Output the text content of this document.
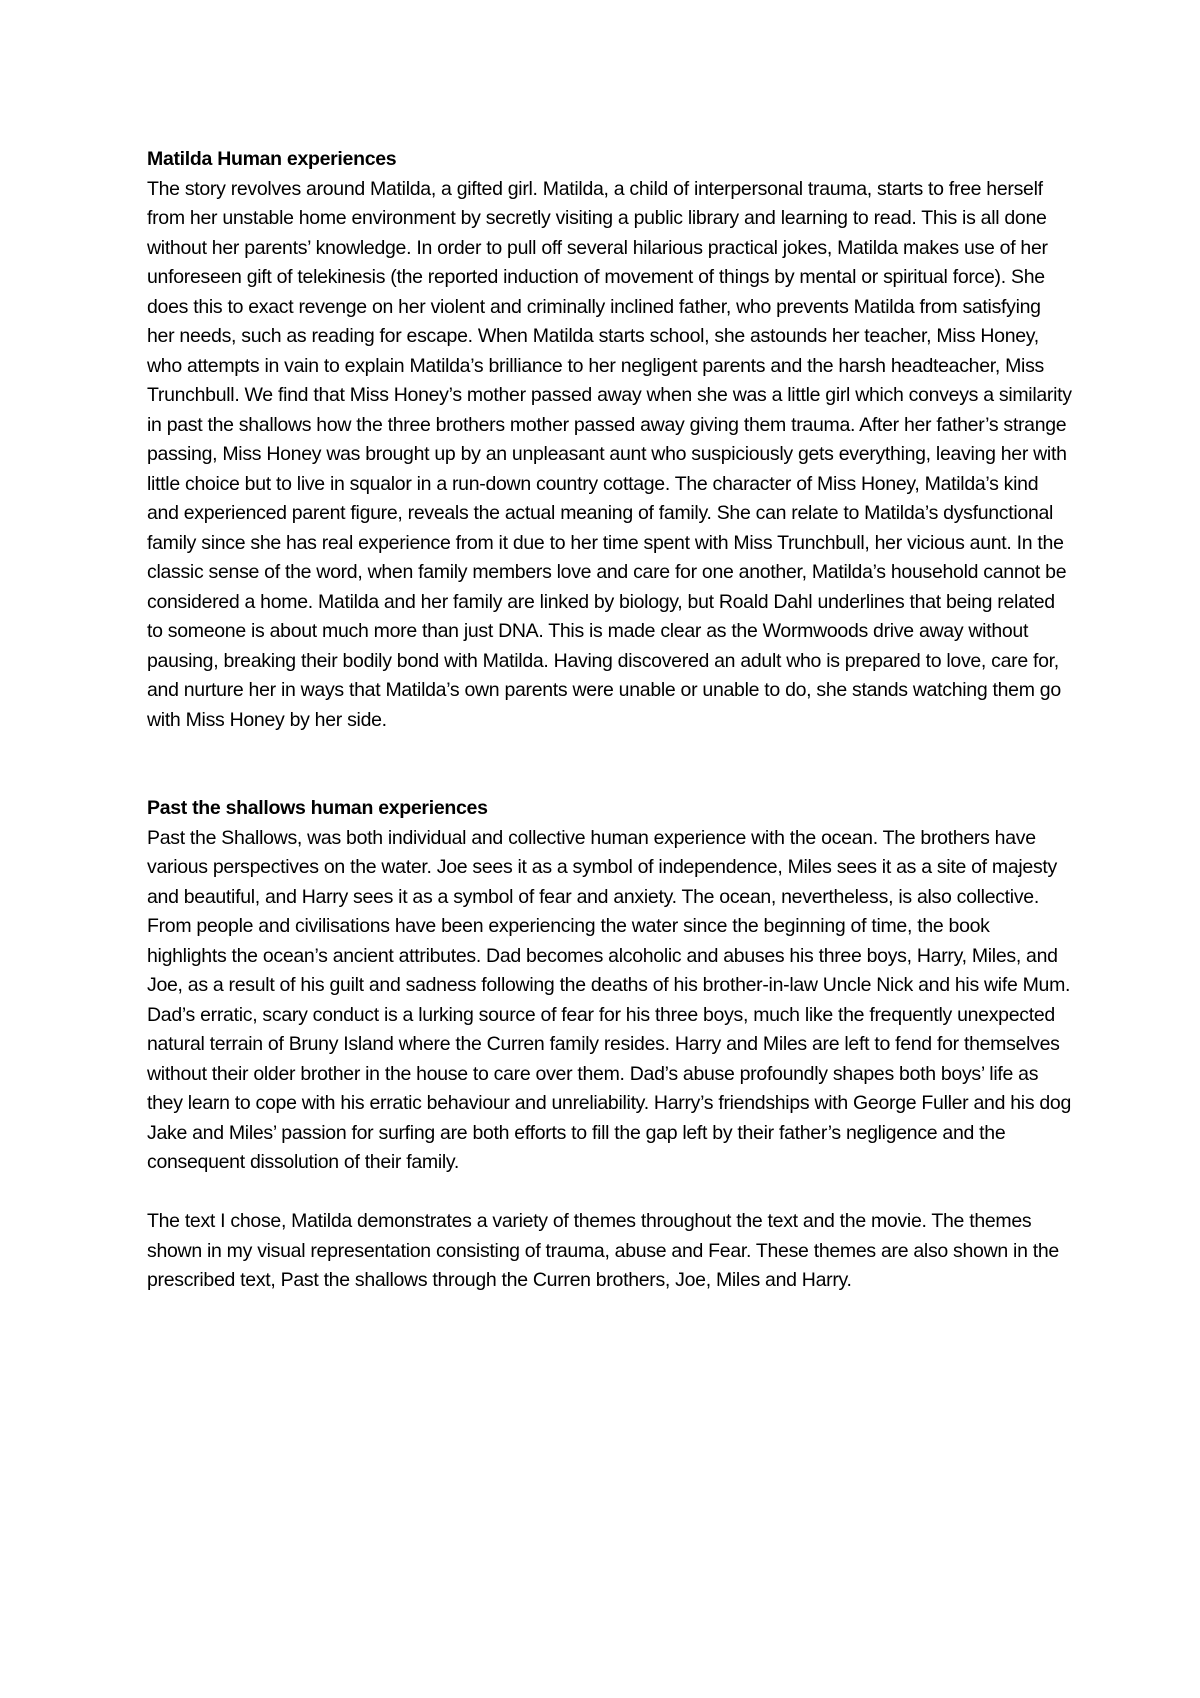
Matilda Human experiences

The story revolves around Matilda, a gifted girl. Matilda, a child of interpersonal trauma, starts to free herself from her unstable home environment by secretly visiting a public library and learning to read. This is all done without her parents’ knowledge. In order to pull off several hilarious practical jokes, Matilda makes use of her unforeseen gift of telekinesis (the reported induction of movement of things by mental or spiritual force). She does this to exact revenge on her violent and criminally inclined father, who prevents Matilda from satisfying her needs, such as reading for escape. When Matilda starts school, she astounds her teacher, Miss Honey, who attempts in vain to explain Matilda’s brilliance to her negligent parents and the harsh headteacher, Miss Trunchbull. We find that Miss Honey’s mother passed away when she was a little girl which conveys a similarity in past the shallows how the three brothers mother passed away giving them trauma. After her father’s strange passing, Miss Honey was brought up by an unpleasant aunt who suspiciously gets everything, leaving her with little choice but to live in squalor in a run-down country cottage. The character of Miss Honey, Matilda’s kind and experienced parent figure, reveals the actual meaning of family. She can relate to Matilda’s dysfunctional family since she has real experience from it due to her time spent with Miss Trunchbull, her vicious aunt. In the classic sense of the word, when family members love and care for one another, Matilda’s household cannot be considered a home. Matilda and her family are linked by biology, but Roald Dahl underlines that being related to someone is about much more than just DNA. This is made clear as the Wormwoods drive away without pausing, breaking their bodily bond with Matilda. Having discovered an adult who is prepared to love, care for, and nurture her in ways that Matilda’s own parents were unable or unable to do, she stands watching them go with Miss Honey by her side.

Past the shallows human experiences

Past the Shallows, was both individual and collective human experience with the ocean. The brothers have various perspectives on the water. Joe sees it as a symbol of independence, Miles sees it as a site of majesty and beautiful, and Harry sees it as a symbol of fear and anxiety. The ocean, nevertheless, is also collective. From people and civilisations have been experiencing the water since the beginning of time, the book highlights the ocean’s ancient attributes. Dad becomes alcoholic and abuses his three boys, Harry, Miles, and Joe, as a result of his guilt and sadness following the deaths of his brother-in-law Uncle Nick and his wife Mum. Dad’s erratic, scary conduct is a lurking source of fear for his three boys, much like the frequently unexpected natural terrain of Bruny Island where the Curren family resides. Harry and Miles are left to fend for themselves without their older brother in the house to care over them. Dad’s abuse profoundly shapes both boys’ life as they learn to cope with his erratic behaviour and unreliability. Harry’s friendships with George Fuller and his dog Jake and Miles’ passion for surfing are both efforts to fill the gap left by their father’s negligence and the consequent dissolution of their family.

The text I chose, Matilda demonstrates a variety of themes throughout the text and the movie. The themes shown in my visual representation consisting of trauma, abuse and Fear. These themes are also shown in the prescribed text, Past the shallows through the Curren brothers, Joe, Miles and Harry.
